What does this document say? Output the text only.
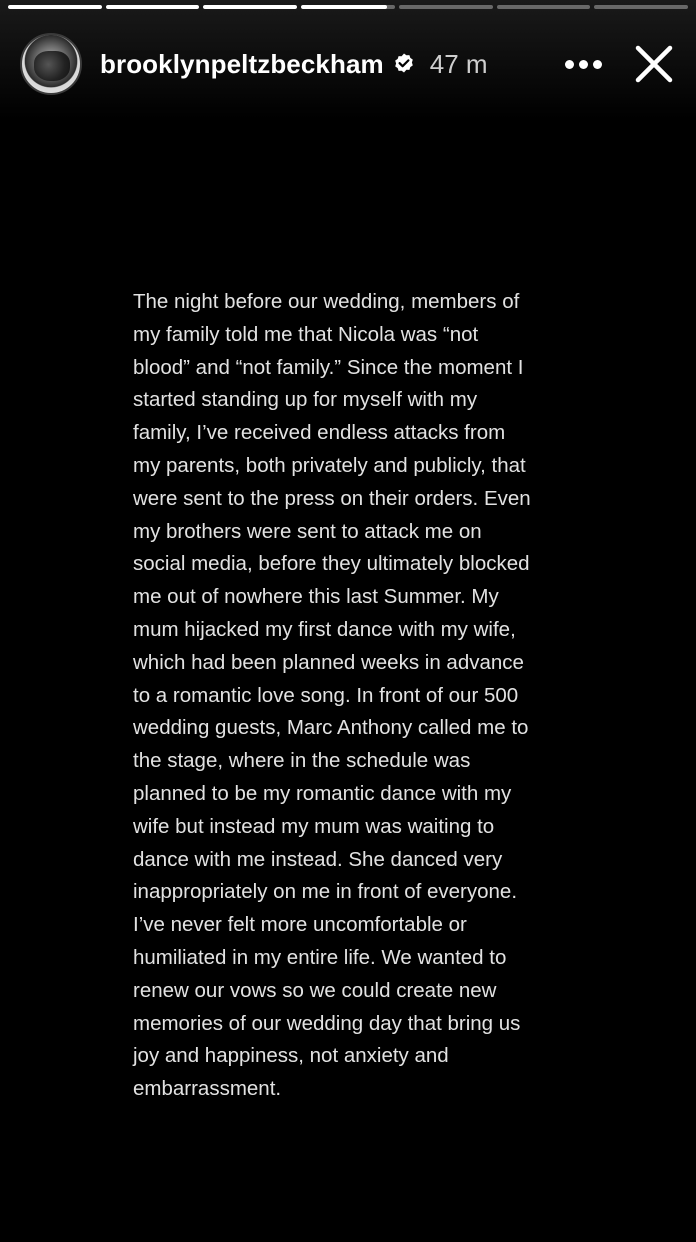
brooklynpeltzbeckham 47 m
The night before our wedding, members of
my family told me that Nicola was “not
blood” and “not family.” Since the moment I
started standing up for myself with my
family, I’ve received endless attacks from
my parents, both privately and publicly, that
were sent to the press on their orders. Even
my brothers were sent to attack me on
social media, before they ultimately blocked
me out of nowhere this last Summer. My
mum hijacked my first dance with my wife,
which had been planned weeks in advance
to a romantic love song. In front of our 500
wedding guests, Marc Anthony called me to
the stage, where in the schedule was
planned to be my romantic dance with my
wife but instead my mum was waiting to
dance with me instead. She danced very
inappropriately on me in front of everyone.
I’ve never felt more uncomfortable or
humiliated in my entire life. We wanted to
renew our vows so we could create new
memories of our wedding day that bring us
joy and happiness, not anxiety and
embarrassment.
